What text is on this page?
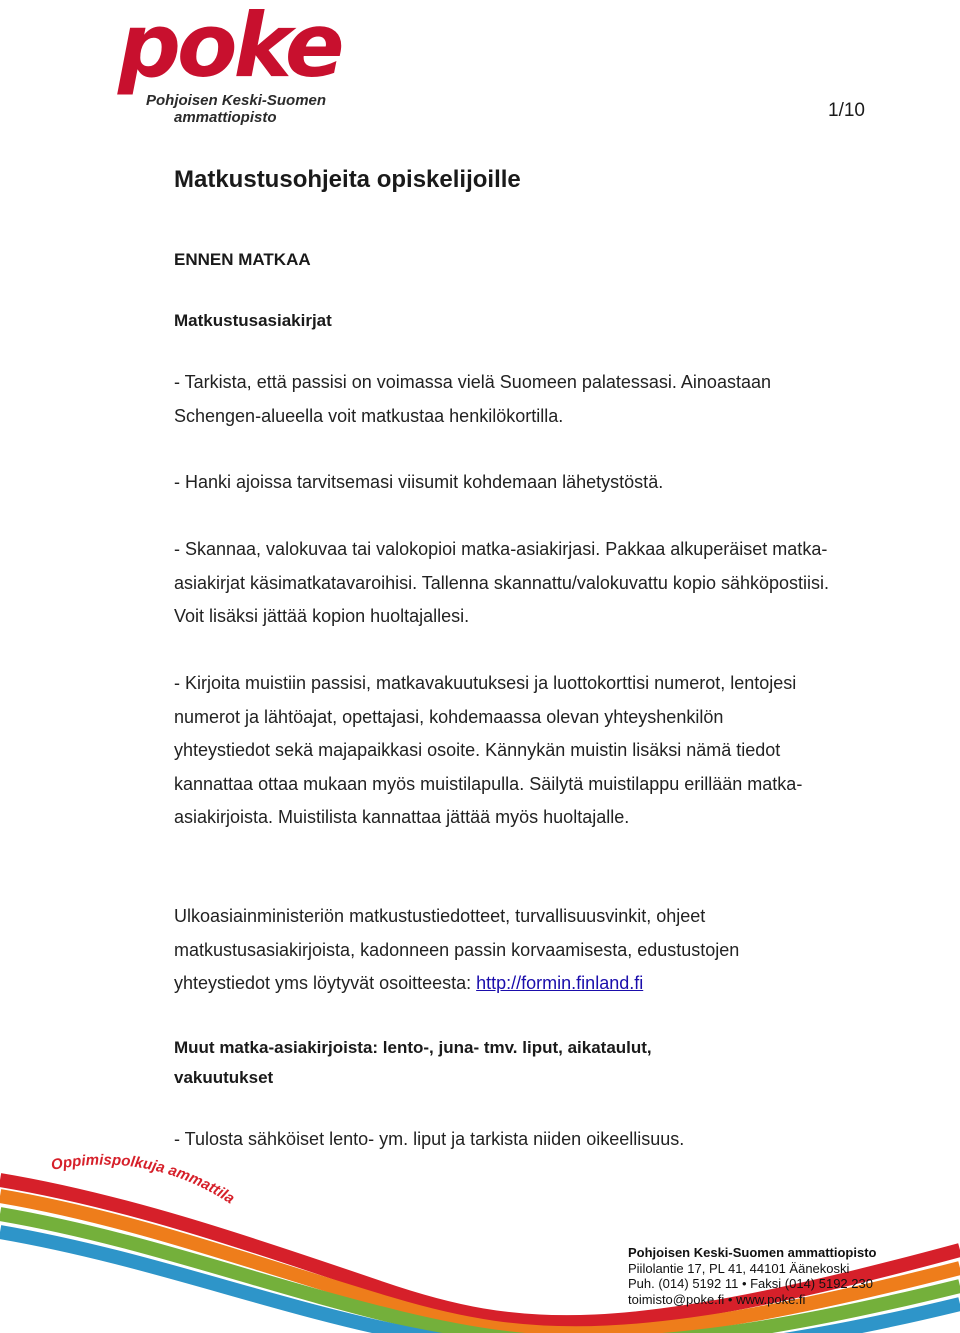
poke
Pohjoisen Keski-Suomen
ammattiopisto	1/10
Matkustusohjeita opiskelijoille
ENNEN MATKAA
Matkustusasiakirjat

- Tarkista, että passisi on voimassa vielä Suomeen palatessasi. Ainoastaan Schengen-alueella voit matkustaa henkilökortilla.

- Hanki ajoissa tarvitsemasi viisumit kohdemaan lähetystöstä.

- Skannaa, valokuvaa tai valokopioi matka-asiakirjasi. Pakkaa alkuperäiset matka-asiakirjat käsimatkatavaroihisi. Tallenna skannattu/valokuvattu kopio sähköpostiisi. Voit lisäksi jättää kopion huoltajallesi.

- Kirjoita muistiin passisi, matkavakuutuksesi ja luottokorttisi numerot, lentojesi numerot ja lähtöajat, opettajasi, kohdemaassa olevan yhteyshenkilön yhteystiedot sekä majapaikkasi osoite. Kännykän muistin lisäksi nämä tiedot kannattaa ottaa mukaan myös muistilapulla. Säilytä muistilappu erillään matka-asiakirjoista. Muistilista kannattaa jättää myös huoltajalle.

Ulkoasiainministeriön matkustustiedotteet, turvallisuusvinkit, ohjeet matkustusasiakirjoista, kadonneen passin korvaamisesta, edustustojen yhteystiedot yms löytyvät osoitteesta: http://formin.finland.fi

Muut matka-asiakirjoista: lento-, juna- tmv. liput, aikataulut,
vakuutukset

- Tulosta sähköiset lento- ym. liput ja tarkista niiden oikeellisuus.

Oppimispolkuja ammattila
Pohjoisen Keski-Suomen ammattiopisto
Piilolantie 17, PL 41, 44101 Äänekoski
Puh. (014) 5192 11 • Faksi (014) 5192 230
toimisto@poke.fi • www.poke.fi
